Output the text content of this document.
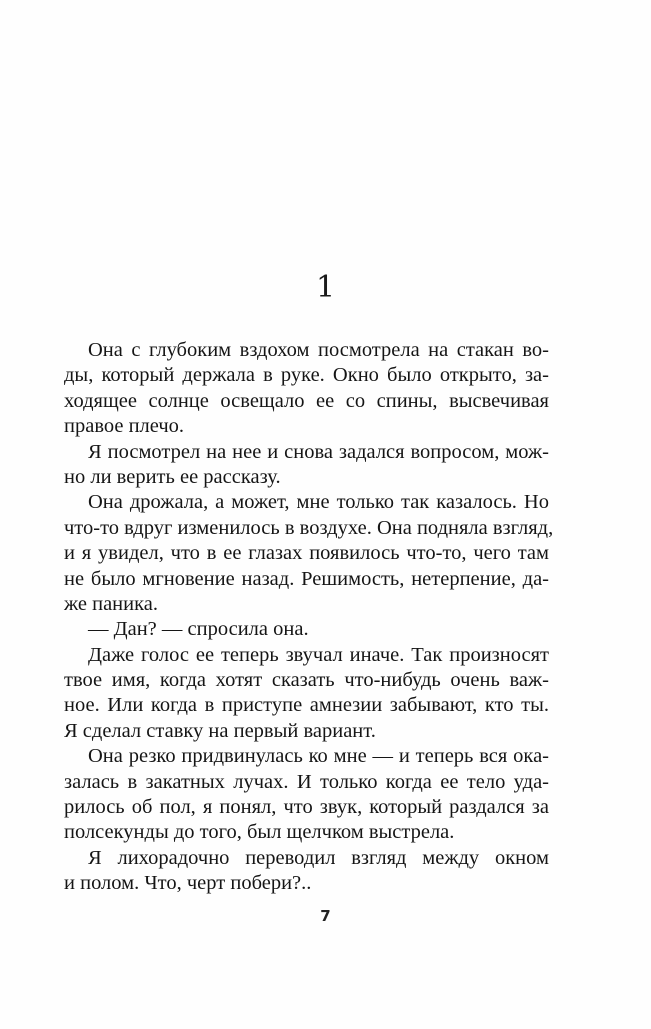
1
Она с глубоким вздохом посмотрела на стакан во-
ды, который держала в руке. Окно было открыто, за-
ходящее солнце освещало ее со спины, высвечивая
правое плечо.
Я посмотрел на нее и снова задался вопросом, мож-
но ли верить ее рассказу.
Она дрожала, а может, мне только так казалось. Но
что-то вдруг изменилось в воздухе. Она подняла взгляд,
и я увидел, что в ее глазах появилось что-то, чего там
не было мгновение назад. Решимость, нетерпение, да-
же паника.
— Дан? — спросила она.
Даже голос ее теперь звучал иначе. Так произносят
твое имя, когда хотят сказать что-нибудь очень важ-
ное. Или когда в приступе амнезии забывают, кто ты.
Я сделал ставку на первый вариант.
Она резко придвинулась ко мне — и теперь вся ока-
залась в закатных лучах. И только когда ее тело уда-
рилось об пол, я понял, что звук, который раздался за
полсекунды до того, был щелчком выстрела.
Я лихорадочно переводил взгляд между окном
и полом. Что, черт побери?..
7
